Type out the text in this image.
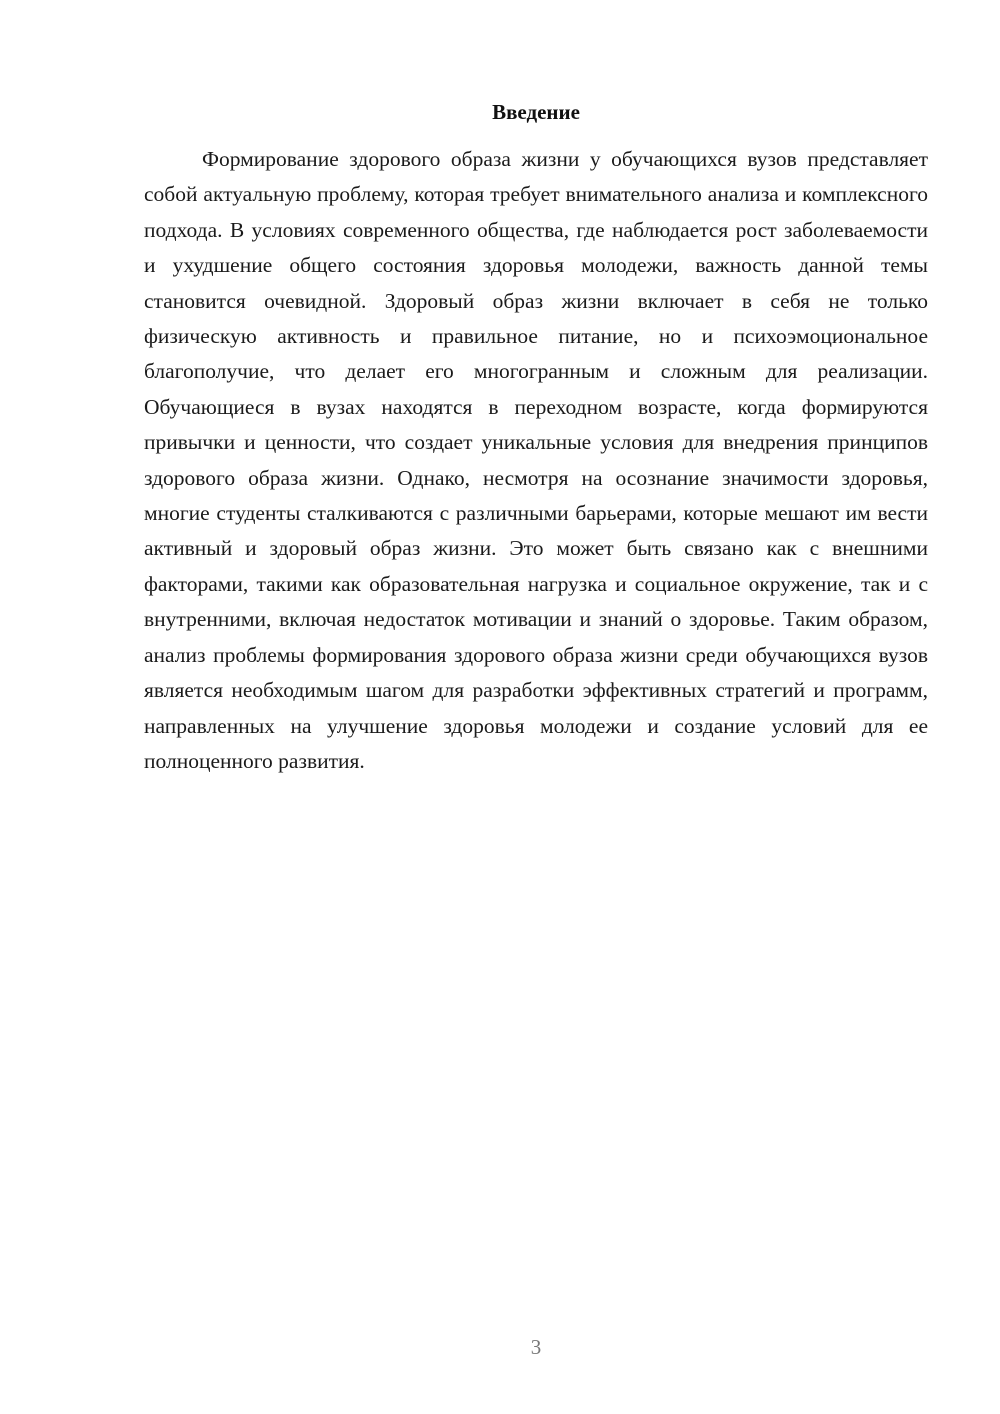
Введение

Формирование здорового образа жизни у обучающихся вузов представляет собой актуальную проблему, которая требует внимательного анализа и комплексного подхода. В условиях современного общества, где наблюдается рост заболеваемости и ухудшение общего состояния здоровья молодежи, важность данной темы становится очевидной. Здоровый образ жизни включает в себя не только физическую активность и правильное питание, но и психоэмоциональное благополучие, что делает его многогранным и сложным для реализации. Обучающиеся в вузах находятся в переходном возрасте, когда формируются привычки и ценности, что создает уникальные условия для внедрения принципов здорового образа жизни. Однако, несмотря на осознание значимости здоровья, многие студенты сталкиваются с различными барьерами, которые мешают им вести активный и здоровый образ жизни. Это может быть связано как с внешними факторами, такими как образовательная нагрузка и социальное окружение, так и с внутренними, включая недостаток мотивации и знаний о здоровье. Таким образом, анализ проблемы формирования здорового образа жизни среди обучающихся вузов является необходимым шагом для разработки эффективных стратегий и программ, направленных на улучшение здоровья молодежи и создание условий для ее полноценного развития.

3
